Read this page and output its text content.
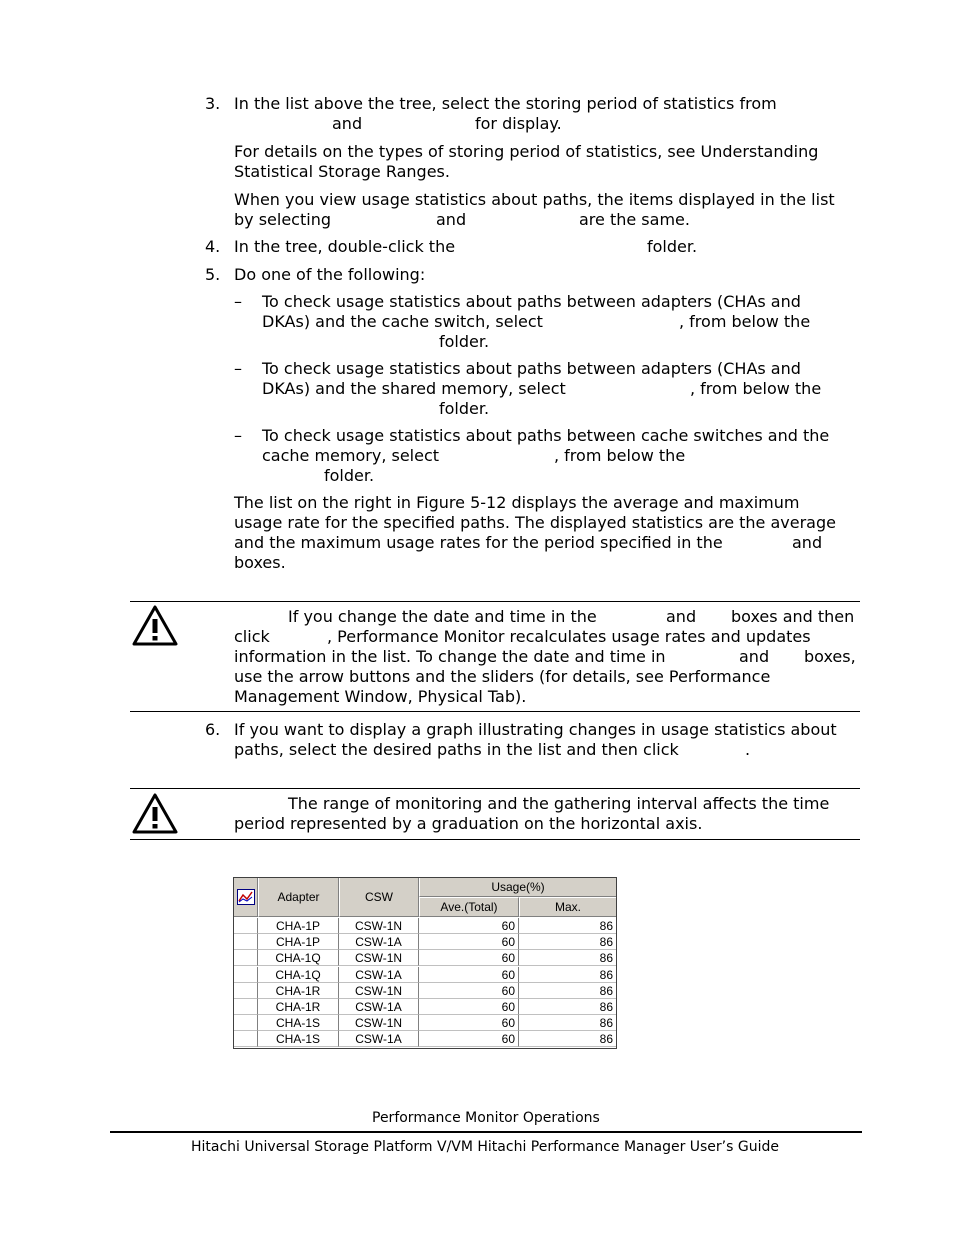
3. In the list above the tree, select the storing period of statistics from
and	for display.
For details on the types of storing period of statistics, see Understanding
Statistical Storage Ranges.
When you view usage statistics about paths, the items displayed in the list
by selecting	and	are the same.
4. In the tree, double-click the	folder.
5. Do one of the following:
– To check usage statistics about paths between adapters (CHAs and
DKAs) and the cache switch, select	, from below the
folder.
– To check usage statistics about paths between adapters (CHAs and
DKAs) and the shared memory, select	, from below the
folder.
– To check usage statistics about paths between cache switches and the
cache memory, select	, from below the
folder.
The list on the right in Figure 5-12 displays the average and maximum
usage rate for the specified paths. The displayed statistics are the average
and the maximum usage rates for the period specified in the	and
boxes.
If you change the date and time in the	and boxes and then
click	, Performance Monitor recalculates usage rates and updates
information in the list. To change the date and time in	and boxes,
use the arrow buttons and the sliders (for details, see Performance
Management Window, Physical Tab).
6. If you want to display a graph illustrating changes in usage statistics about
paths, select the desired paths in the list and then click	.
The range of monitoring and the gathering interval affects the time
period represented by a graduation on the horizontal axis.
Adapter	CSW
Usage(%)
Ave.(Total)	Max.
CHA-1P	CSW-1N	60	86
CHA-1P	CSW-1A	60	86
CHA-1Q	CSW-1N	60	86
CHA-1Q	CSW-1A	60	86
CHA-1R	CSW-1N	60	86
CHA-1R	CSW-1A	60	86
CHA-1S	CSW-1N	60	86
CHA-1S	CSW-1A	60	86
Performance Monitor Operations
Hitachi Universal Storage Platform V/VM Hitachi Performance Manager User’s Guide
